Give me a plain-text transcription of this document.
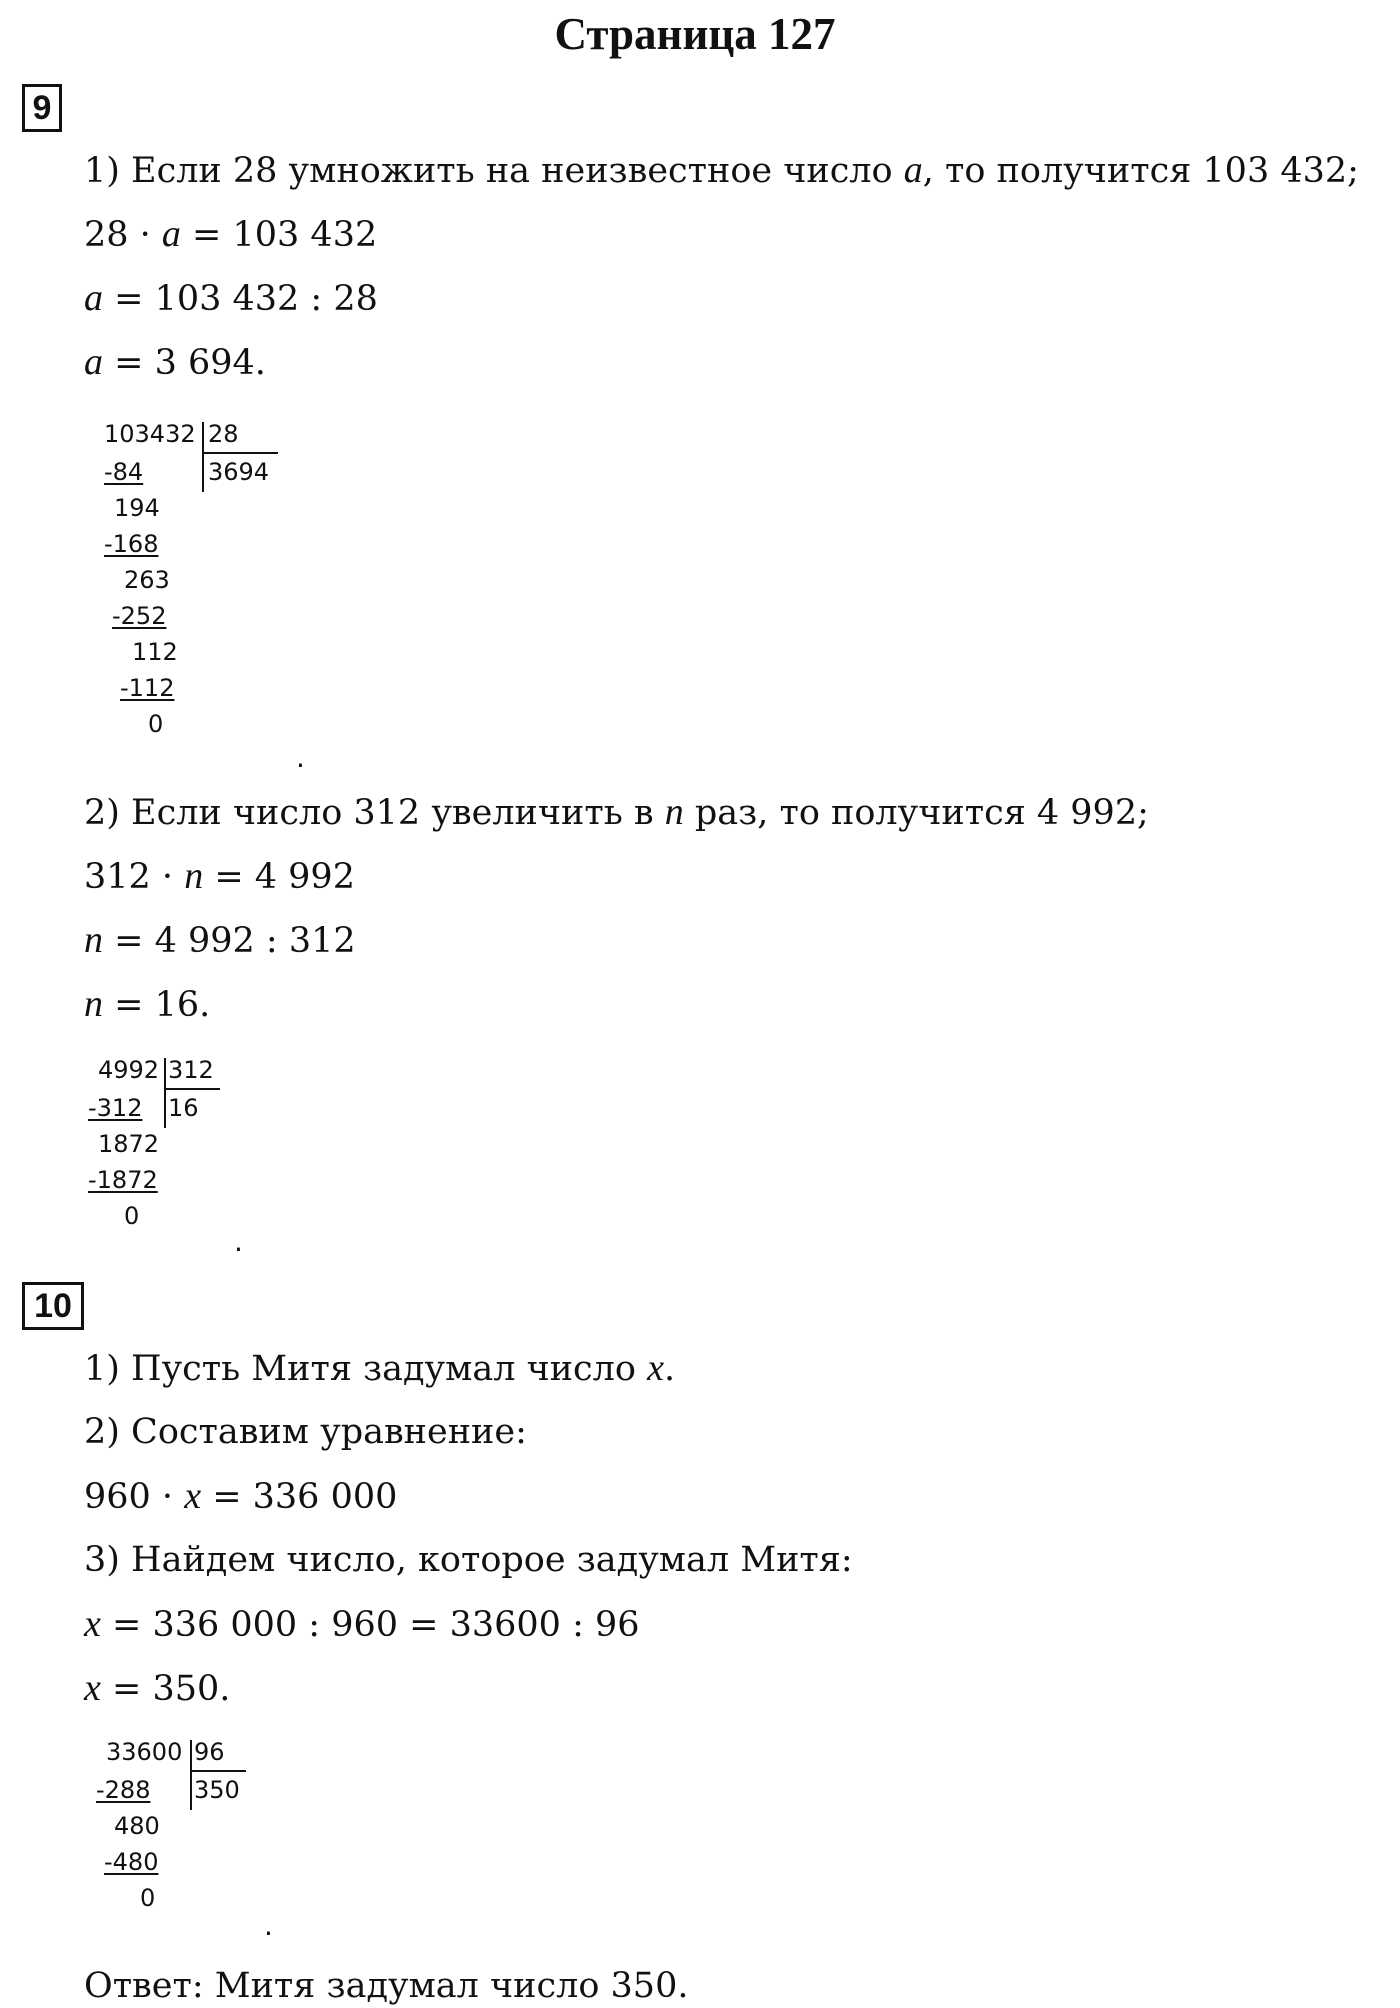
Страница 127
9
1) Если 28 умножить на неизвестное число a, то получится 103 432;
28 · a = 103 432
a = 103 432 : 28
a = 3 694.
103432 28
3694
-84
194
-168
263
-252
112
-112
0
.
2) Если число 312 увеличить в n раз, то получится 4 992;
312 · n = 4 992
n = 4 992 : 312
n = 16.
4992 312
16
-312
1872
-1872
0
.
10
1) Пусть Митя задумал число x.
2) Составим уравнение:
960 · x = 336 000
3) Найдем число, которое задумал Митя:
x = 336 000 : 960 = 33600 : 96
x = 350.
33600 96
350
-288
480
-480
0
.
Ответ: Митя задумал число 350.
